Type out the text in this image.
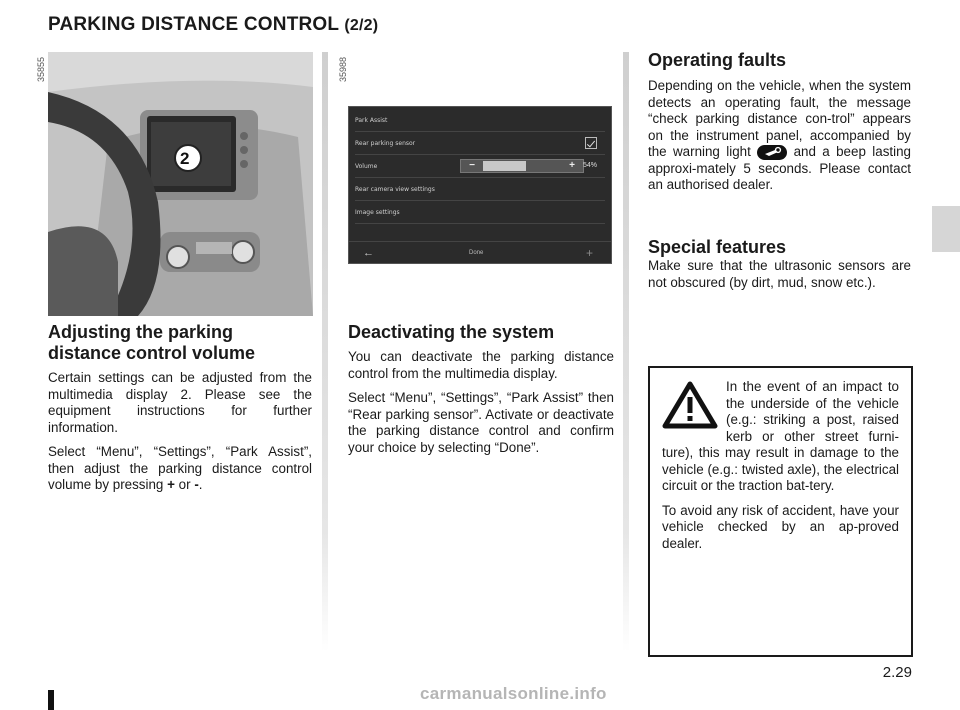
PARKING DISTANCE CONTROL (2/2)
35855
2
Adjusting the parking distance control volume

Certain settings can be adjusted from the multimedia display 2. Please see the equipment instructions for further information.

Select “Menu”, “Settings”, “Park Assist”, then adjust the parking distance control volume by pressing + or -.

35988
Park Assist
Rear parking sensor
Volume	−	+	54%
Rear camera view settings
Image settings
←	Done	+
Deactivating the system

You can deactivate the parking distance control from the multimedia display.

Select “Menu”, “Settings”, “Park Assist” then “Rear parking sensor”. Activate or deactivate the parking distance control and confirm your choice by selecting “Done”.

Operating faults

Depending on the vehicle, when the system detects an operating fault, the message “check parking distance con-trol” appears on the instrument panel, accompanied by the warning light	and a beep lasting approxi-mately 5 seconds. Please contact an authorised dealer.

Special features

Make sure that the ultrasonic sensors are not obscured (by dirt, mud, snow etc.).

In the event of an impact to the underside of the vehicle (e.g.: striking a post, raised kerb or other street furni-ture), this may result in damage to the vehicle (e.g.: twisted axle), the electrical circuit or the traction bat-tery.

To avoid any risk of accident, have your vehicle checked by an ap-proved dealer.

2.29
carmanualsonline.info
